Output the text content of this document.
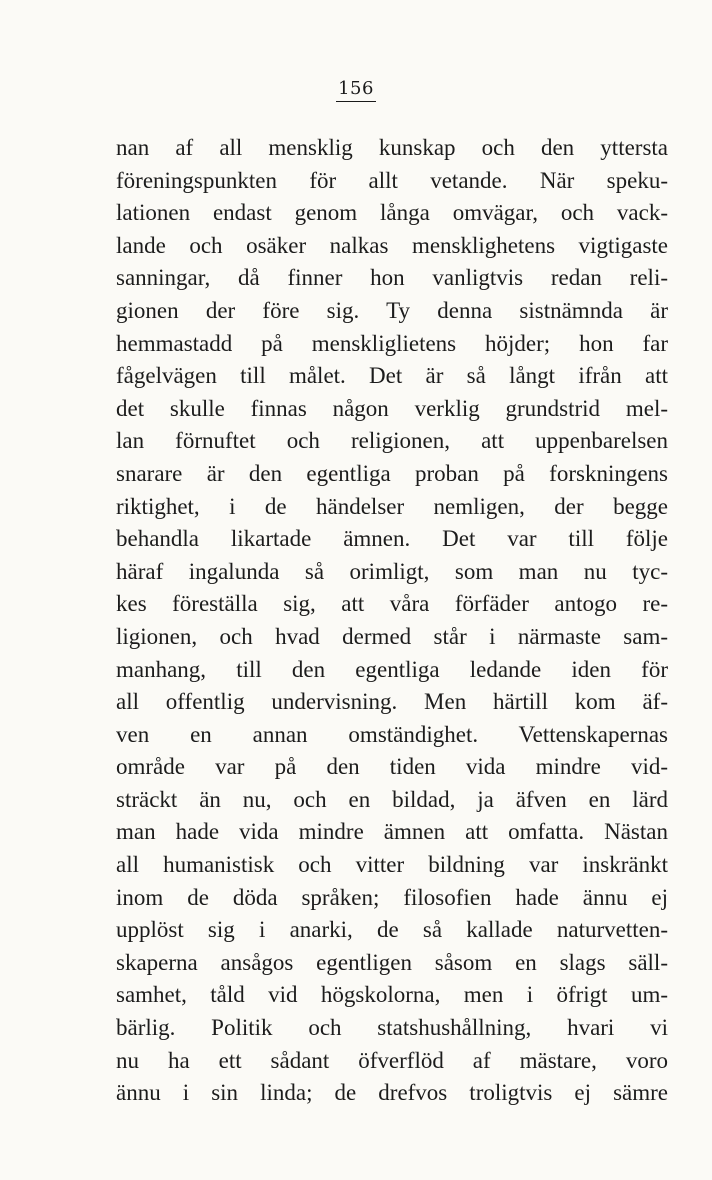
156
nan af all mensklig kunskap och den yttersta
föreningspunkten för allt vetande. När speku-
lationen endast genom långa omvägar, och vack-
lande och osäker nalkas mensklighetens vigtigaste
sanningar, då finner hon vanligtvis redan reli-
gionen der före sig. Ty denna sistnämnda är
hemmastadd på menskliglietens höjder; hon far
fågelvägen till målet. Det är så långt ifrån att
det skulle finnas någon verklig grundstrid mel-
lan förnuftet och religionen, att uppenbarelsen
snarare är den egentliga proban på forskningens
riktighet, i de händelser nemligen, der begge
behandla likartade ämnen. Det var till följe
häraf ingalunda så orimligt, som man nu tyc-
kes föreställa sig, att våra förfäder antogo re-
ligionen, och hvad dermed står i närmaste sam-
manhang, till den egentliga ledande iden för
all offentlig undervisning. Men härtill kom äf-
ven en annan omständighet. Vettenskapernas
område var på den tiden vida mindre vid-
sträckt än nu, och en bildad, ja äfven en lärd
man hade vida mindre ämnen att omfatta. Nästan
all humanistisk och vitter bildning var inskränkt
inom de döda språken; filosofien hade ännu ej
upplöst sig i anarki, de så kallade naturvetten-
skaperna ansågos egentligen såsom en slags säll-
samhet, tåld vid högskolorna, men i öfrigt um-
bärlig. Politik och statshushållning, hvari vi
nu ha ett sådant öfverflöd af mästare, voro
ännu i sin linda; de drefvos troligtvis ej sämre
